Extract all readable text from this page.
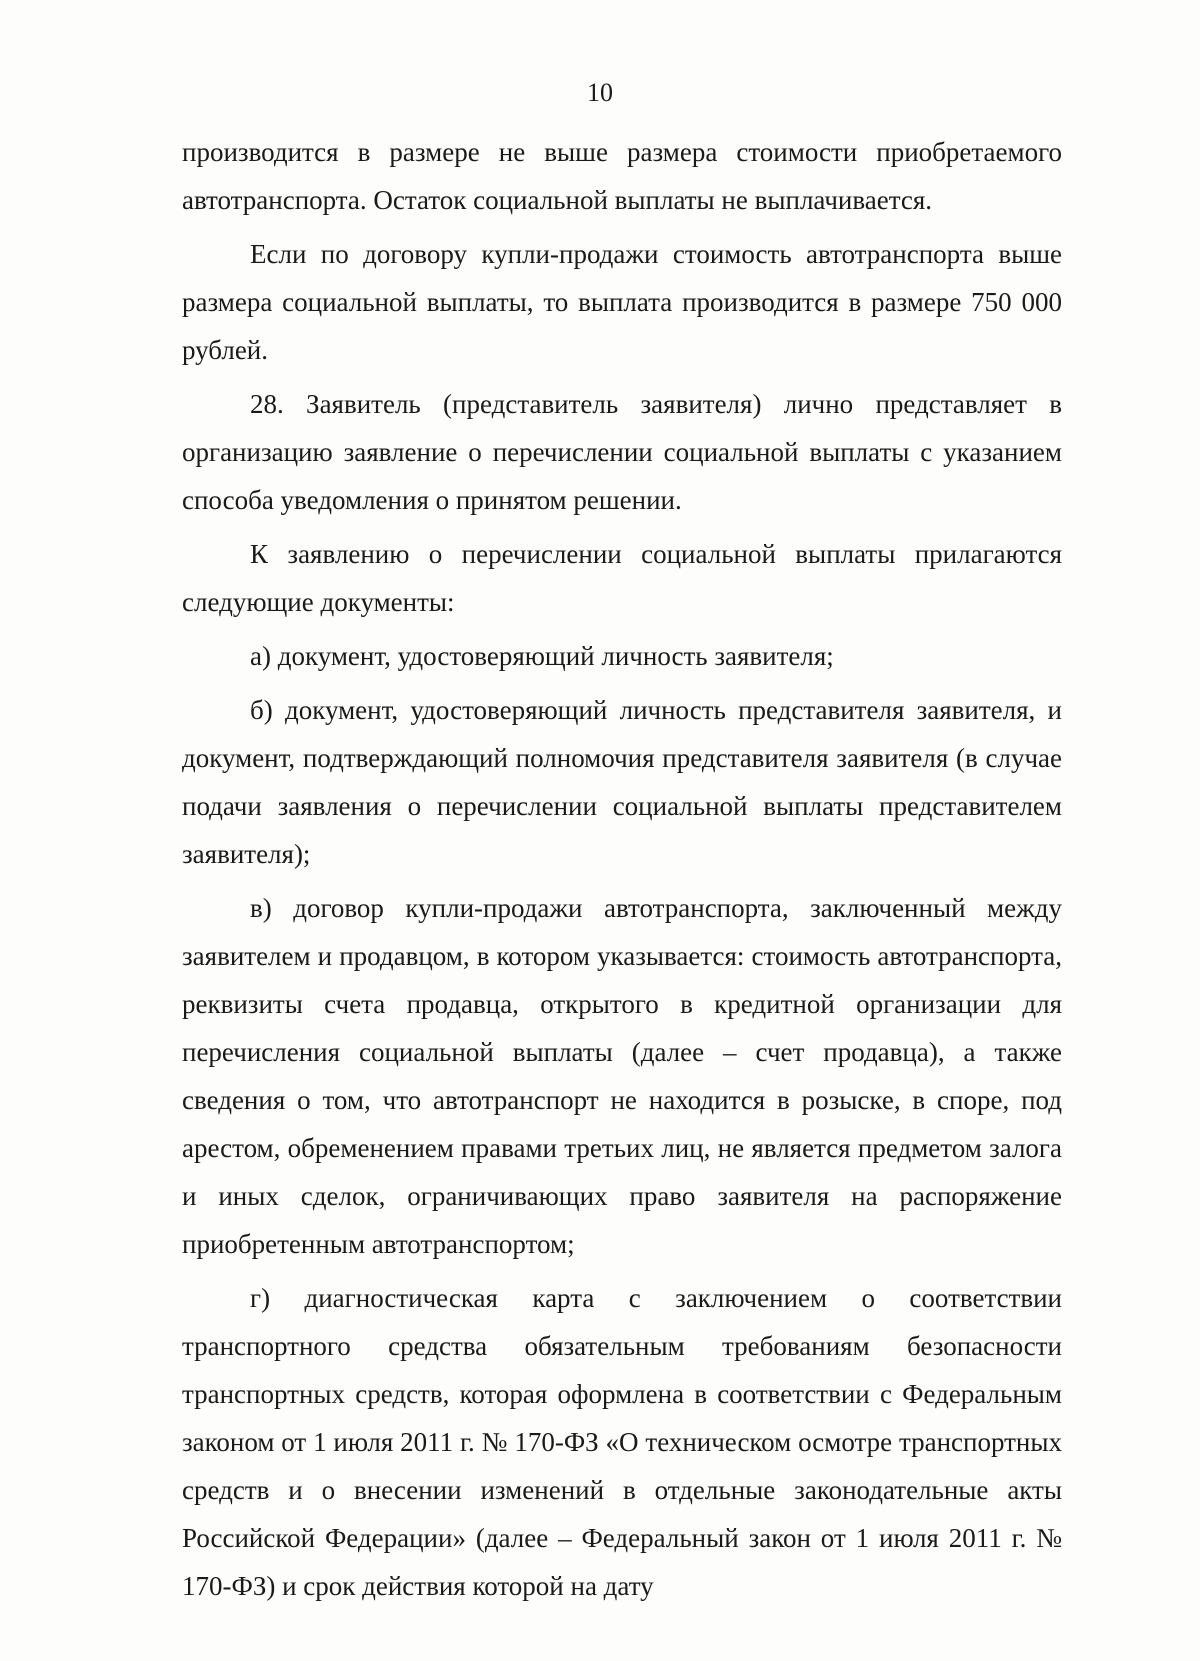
10

производится в размере не выше размера стоимости приобретаемого автотранспорта. Остаток социальной выплаты не выплачивается.

Если по договору купли-продажи стоимость автотранспорта выше размера социальной выплаты, то выплата производится в размере 750 000 рублей.

28. Заявитель (представитель заявителя) лично представляет в организацию заявление о перечислении социальной выплаты с указанием способа уведомления о принятом решении.

К заявлению о перечислении социальной выплаты прилагаются следующие документы:

а) документ, удостоверяющий личность заявителя;

б) документ, удостоверяющий личность представителя заявителя, и документ, подтверждающий полномочия представителя заявителя (в случае подачи заявления о перечислении социальной выплаты представителем заявителя);

в) договор купли-продажи автотранспорта, заключенный между заявителем и продавцом, в котором указывается: стоимость автотранспорта, реквизиты счета продавца, открытого в кредитной организации для перечисления социальной выплаты (далее – счет продавца), а также сведения о том, что автотранспорт не находится в розыске, в споре, под арестом, обременением правами третьих лиц, не является предметом залога и иных сделок, ограничивающих право заявителя на распоряжение приобретенным автотранспортом;

г) диагностическая карта с заключением о соответствии транспортного средства обязательным требованиям безопасности транспортных средств, которая оформлена в соответствии с Федеральным законом от 1 июля 2011 г. № 170-ФЗ «О техническом осмотре транспортных средств и о внесении изменений в отдельные законодательные акты Российской Федерации» (далее – Федеральный закон от 1 июля 2011 г. № 170-ФЗ) и срок действия которой на дату
